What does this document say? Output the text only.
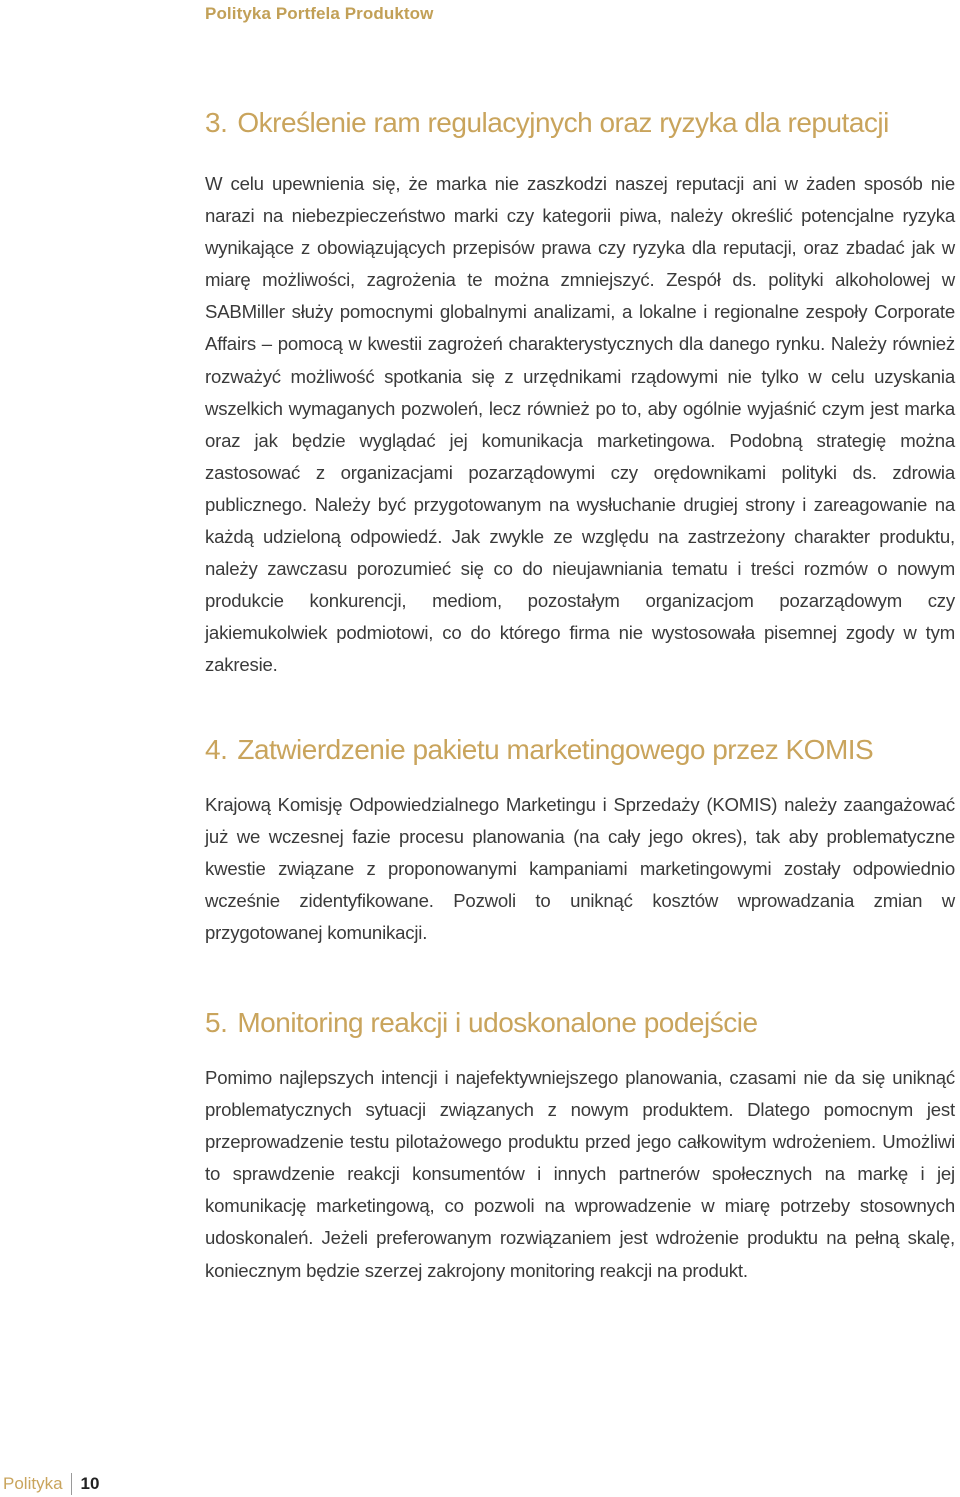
Polityka Portfela Produktow
3. Określenie ram regulacyjnych oraz ryzyka dla reputacji

W celu upewnienia się, że marka nie zaszkodzi naszej reputacji ani w żaden sposób nie narazi na niebezpieczeństwo marki czy kategorii piwa, należy określić potencjalne ryzyka wynikające z obowiązujących przepisów prawa czy ryzyka dla reputacji, oraz zbadać jak w miarę możliwości, zagrożenia te można zmniejszyć. Zespół ds. polityki alkoholowej w SABMiller służy pomocnymi globalnymi analizami, a lokalne i regionalne zespoły Corporate Affairs – pomocą w kwestii zagrożeń charakterystycznych dla danego rynku. Należy również rozważyć możliwość spotkania się z urzędnikami rządowymi nie tylko w celu uzyskania wszelkich wymaganych pozwoleń, lecz również po to, aby ogólnie wyjaśnić czym jest marka oraz jak będzie wyglądać jej komunikacja marketingowa. Podobną strategię można zastosować z organizacjami pozarządowymi czy orędownikami polityki ds. zdrowia publicznego. Należy być przygotowanym na wysłuchanie drugiej strony i zareagowanie na każdą udzieloną odpowiedź. Jak zwykle ze względu na zastrzeżony charakter produktu, należy zawczasu porozumieć się co do nieujawniania tematu i treści rozmów o nowym produkcie konkurencji, mediom, pozostałym organizacjom pozarządowym czy jakiemukolwiek podmiotowi, co do którego firma nie wystosowała pisemnej zgody w tym zakresie.

4. Zatwierdzenie pakietu marketingowego przez KOMIS

Krajową Komisję Odpowiedzialnego Marketingu i Sprzedaży (KOMIS) należy zaangażować już we wczesnej fazie procesu planowania (na cały jego okres), tak aby problematyczne kwestie związane z proponowanymi kampaniami marketingowymi zostały odpowiednio wcześnie zidentyfikowane. Pozwoli to uniknąć kosztów wprowadzania zmian w przygotowanej komunikacji.

5. Monitoring reakcji i udoskonalone podejście

Pomimo najlepszych intencji i najefektywniejszego planowania, czasami nie da się uniknąć problematycznych sytuacji związanych z nowym produktem. Dlatego pomocnym jest przeprowadzenie testu pilotażowego produktu przed jego całkowitym wdrożeniem. Umożliwi to sprawdzenie reakcji konsumentów i innych partnerów społecznych na markę i jej komunikację marketingową, co pozwoli na wprowadzenie w miarę potrzeby stosownych udoskonaleń. Jeżeli preferowanym rozwiązaniem jest wdrożenie produktu na pełną skalę, koniecznym będzie szerzej zakrojony monitoring reakcji na produkt.

Polityka	10
